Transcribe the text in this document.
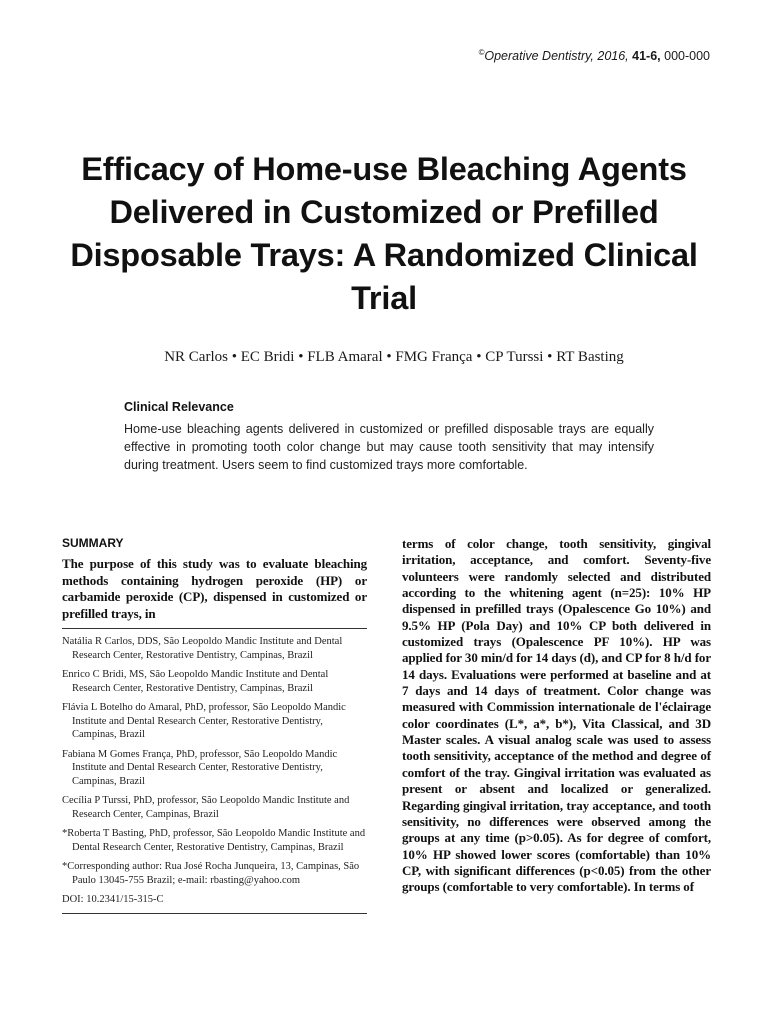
©Operative Dentistry, 2016, 41-6, 000-000
Efficacy of Home-use Bleaching Agents Delivered in Customized or Prefilled Disposable Trays: A Randomized Clinical Trial
NR Carlos • EC Bridi • FLB Amaral • FMG França • CP Turssi • RT Basting
Clinical Relevance

Home-use bleaching agents delivered in customized or prefilled disposable trays are equally effective in promoting tooth color change but may cause tooth sensitivity that may intensify during treatment. Users seem to find customized trays more comfortable.

SUMMARY

The purpose of this study was to evaluate bleaching methods containing hydrogen peroxide (HP) or carbamide peroxide (CP), dispensed in customized or prefilled trays, in

Natália R Carlos, DDS, São Leopoldo Mandic Institute and Dental Research Center, Restorative Dentistry, Campinas, Brazil

Enrico C Bridi, MS, São Leopoldo Mandic Institute and Dental Research Center, Restorative Dentistry, Campinas, Brazil

Flávia L Botelho do Amaral, PhD, professor, São Leopoldo Mandic Institute and Dental Research Center, Restorative Dentistry, Campinas, Brazil

Fabiana M Gomes França, PhD, professor, São Leopoldo Mandic Institute and Dental Research Center, Restorative Dentistry, Campinas, Brazil

Cecília P Turssi, PhD, professor, São Leopoldo Mandic Institute and Research Center, Campinas, Brazil

*Roberta T Basting, PhD, professor, São Leopoldo Mandic Institute and Dental Research Center, Restorative Dentistry, Campinas, Brazil

*Corresponding author: Rua José Rocha Junqueira, 13, Campinas, São Paulo 13045-755 Brazil; e-mail: rbasting@yahoo.com

DOI: 10.2341/15-315-C

terms of color change, tooth sensitivity, gingival irritation, acceptance, and comfort. Seventy-five volunteers were randomly selected and distributed according to the whitening agent (n=25): 10% HP dispensed in prefilled trays (Opalescence Go 10%) and 9.5% HP (Pola Day) and 10% CP both delivered in customized trays (Opalescence PF 10%). HP was applied for 30 min/d for 14 days (d), and CP for 8 h/d for 14 days. Evaluations were performed at baseline and at 7 days and 14 days of treatment. Color change was measured with Commission internationale de l'éclairage color coordinates (L*, a*, b*), Vita Classical, and 3D Master scales. A visual analog scale was used to assess tooth sensitivity, acceptance of the method and degree of comfort of the tray. Gingival irritation was evaluated as present or absent and localized or generalized. Regarding gingival irritation, tray acceptance, and tooth sensitivity, no differences were observed among the groups at any time (p>0.05). As for degree of comfort, 10% HP showed lower scores (comfortable) than 10% CP, with significant differences (p<0.05) from the other groups (comfortable to very comfortable). In terms of
